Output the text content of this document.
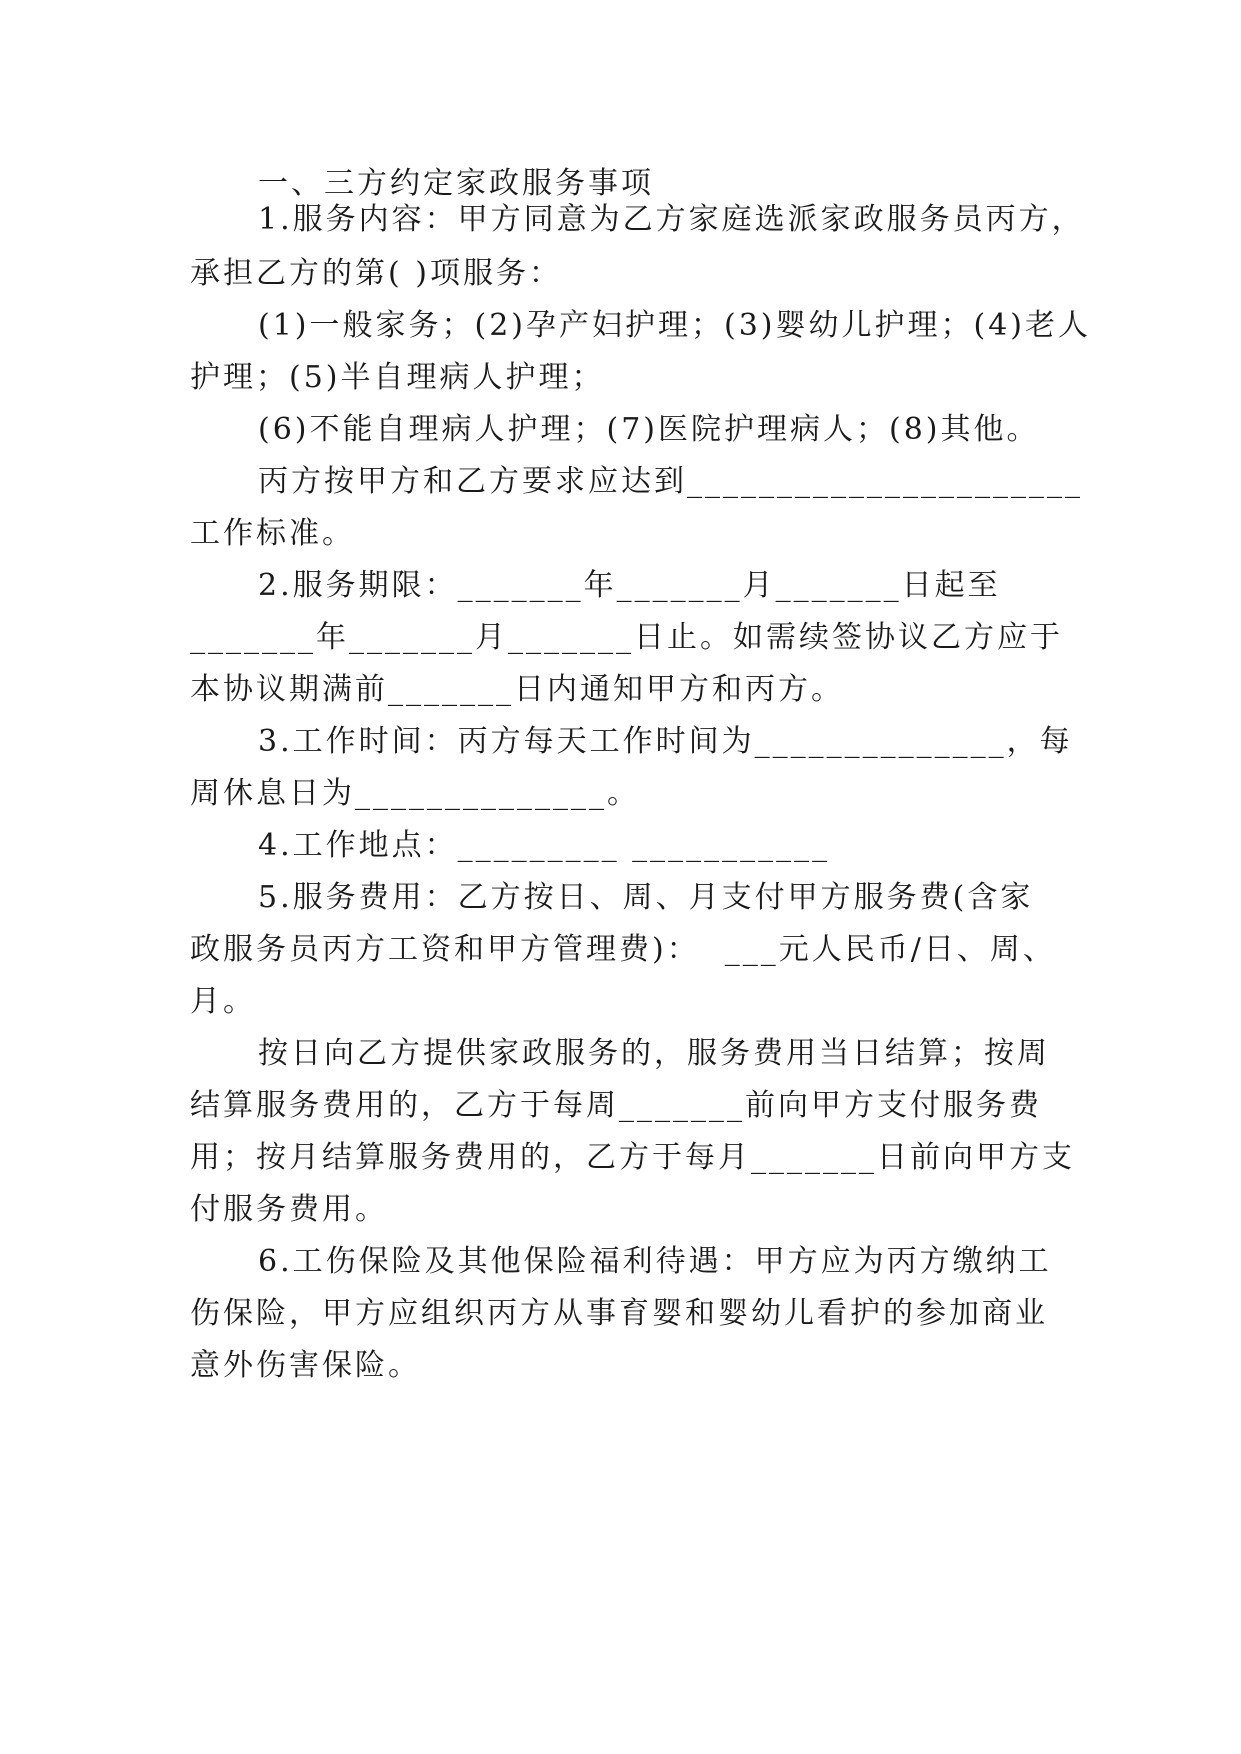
一、三方约定家政服务事项
1.服务内容：甲方同意为乙方家庭选派家政服务员丙方，
承担乙方的第( )项服务：
(1)一般家务；(2)孕产妇护理；(3)婴幼儿护理；(4)老人
护理；(5)半自理病人护理；
(6)不能自理病人护理；(7)医院护理病人；(8)其他。
丙方按甲方和乙方要求应达到______________________
工作标准。
2.服务期限：_______年_______月_______日起至
_______年_______月_______日止。如需续签协议乙方应于
本协议期满前_______日内通知甲方和丙方。
3.工作时间：丙方每天工作时间为______________，每
周休息日为______________。
4.工作地点：_________ ___________
5.服务费用：乙方按日、周、月支付甲方服务费(含家
政服务员丙方工资和甲方管理费)：  ___元人民币/日、周、
月。
按日向乙方提供家政服务的，服务费用当日结算；按周
结算服务费用的，乙方于每周_______前向甲方支付服务费
用；按月结算服务费用的，乙方于每月_______日前向甲方支
付服务费用。
6.工伤保险及其他保险福利待遇：甲方应为丙方缴纳工
伤保险，甲方应组织丙方从事育婴和婴幼儿看护的参加商业
意外伤害保险。
